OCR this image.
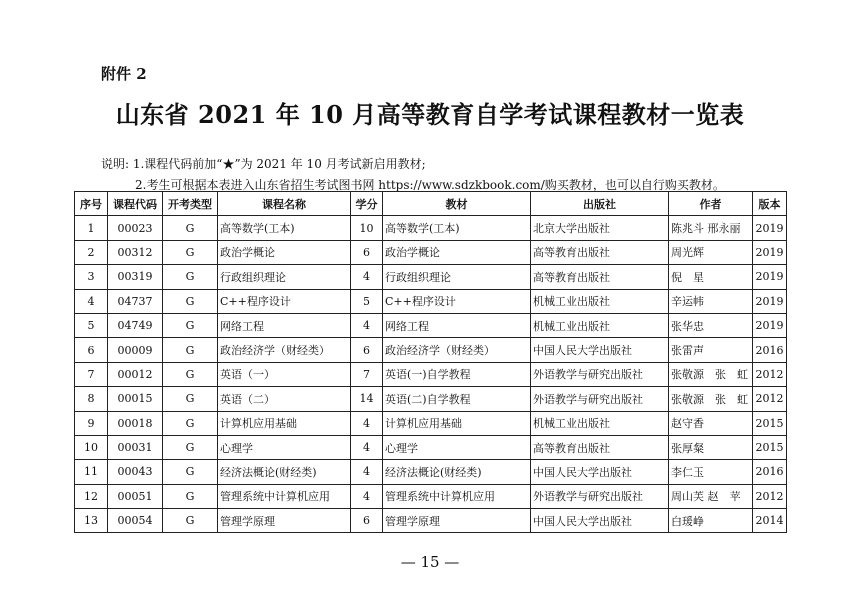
附件 2
山东省 2021 年 10 月高等教育自学考试课程教材一览表
说明: 1.课程代码前加“★”为 2021 年 10 月考试新启用教材;
2.考生可根据本表进入山东省招生考试图书网 https://www.sdzkbook.com/购买教材，也可以自行购买教材。
序号	课程代码	开考类型	课程名称	学分	教材	出版社	作者	版本
1	00023	G	高等数学(工本)	10	高等数学(工本)	北京大学出版社	陈兆斗 邢永丽	2019
2	00312	G	政治学概论	6	政治学概论	高等教育出版社	周光辉	2019
3	00319	G	行政组织理论	4	行政组织理论	高等教育出版社	倪　星	2019
4	04737	G	C++程序设计	5	C++程序设计	机械工业出版社	辛运帏	2019
5	04749	G	网络工程	4	网络工程	机械工业出版社	张华忠	2019
6	00009	G	政治经济学（财经类）	6	政治经济学（财经类）	中国人民大学出版社	张雷声	2016
7	00012	G	英语（一）	7	英语(一)自学教程	外语教学与研究出版社	张敬源　张　虹	2012
8	00015	G	英语（二）	14	英语(二)自学教程	外语教学与研究出版社	张敬源　张　虹	2012
9	00018	G	计算机应用基础	4	计算机应用基础	机械工业出版社	赵守香	2015
10	00031	G	心理学	4	心理学	高等教育出版社	张厚粲	2015
11	00043	G	经济法概论(财经类)	4	经济法概论(财经类)	中国人民大学出版社	李仁玉	2016
12	00051	G	管理系统中计算机应用	4	管理系统中计算机应用	外语教学与研究出版社	周山芙 赵　苹	2012
13	00054	G	管理学原理	6	管理学原理	中国人民大学出版社	白瑗峥	2014
— 15 —
